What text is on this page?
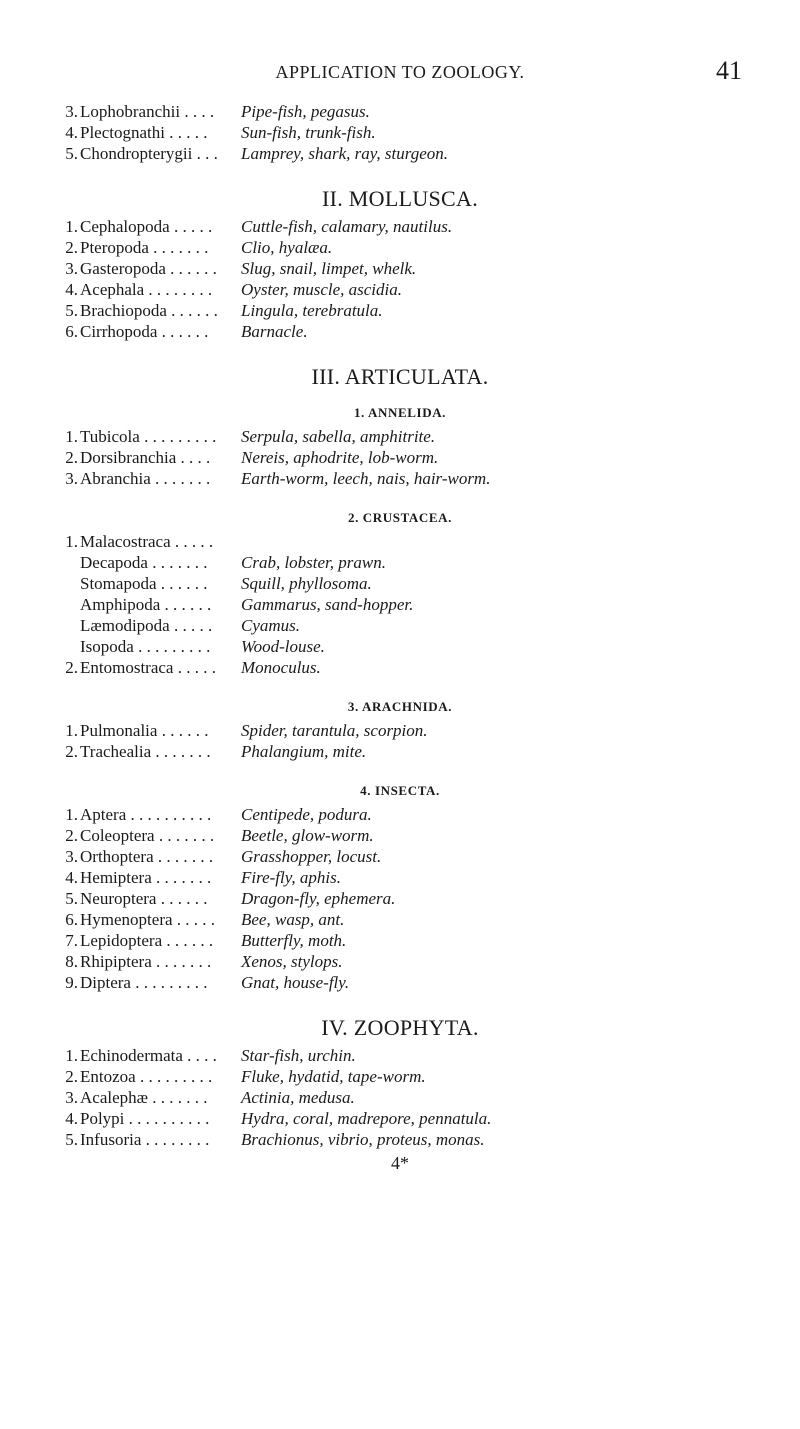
APPLICATION TO ZOOLOGY.	41
3. Lophobranchii . . . . Pipe-fish, pegasus.
4. Plectognathi . . . . . Sun-fish, trunk-fish.
5. Chondropterygii . . . Lamprey, shark, ray, sturgeon.
II. MOLLUSCA.
1. Cephalopoda . . . . . Cuttle-fish, calamary, nautilus.
2. Pteropoda . . . . . . . Clio, hyalæa.
3. Gasteropoda . . . . . . Slug, snail, limpet, whelk.
4. Acephala . . . . . . . . Oyster, muscle, ascidia.
5. Brachiopoda . . . . . . Lingula, terebratula.
6. Cirrhopoda . . . . . . Barnacle.
III. ARTICULATA.
1. ANNELIDA.
1. Tubicola . . . . . . . . . Serpula, sabella, amphitrite.
2. Dorsibranchia . . . . Nereis, aphodrite, lob-worm.
3. Abranchia . . . . . . . Earth-worm, leech, nais, hair-worm.
2. CRUSTACEA.
1. Malacostraca . . . . .
Decapoda . . . . . . . Crab, lobster, prawn.
Stomapoda . . . . . . Squill, phyllosoma.
Amphipoda . . . . . . Gammarus, sand-hopper.
Læmodipoda . . . . . Cyamus.
Isopoda . . . . . . . . . Wood-louse.
2. Entomostraca . . . . . Monoculus.
3. ARACHNIDA.
1. Pulmonalia . . . . . . Spider, tarantula, scorpion.
2. Trachealia . . . . . . . Phalangium, mite.
4. INSECTA.
1. Aptera . . . . . . . . . . Centipede, podura.
2. Coleoptera . . . . . . . Beetle, glow-worm.
3. Orthoptera . . . . . . . Grasshopper, locust.
4. Hemiptera . . . . . . . Fire-fly, aphis.
5. Neuroptera . . . . . . Dragon-fly, ephemera.
6. Hymenoptera . . . . . Bee, wasp, ant.
7. Lepidoptera . . . . . . Butterfly, moth.
8. Rhipiptera . . . . . . . Xenos, stylops.
9. Diptera . . . . . . . . . Gnat, house-fly.
IV. ZOOPHYTA.
1. Echinodermata . . . . Star-fish, urchin.
2. Entozoa . . . . . . . . . Fluke, hydatid, tape-worm.
3. Acalephæ . . . . . . . Actinia, medusa.
4. Polypi . . . . . . . . . . Hydra, coral, madrepore, pennatula.
5. Infusoria . . . . . . . . Brachionus, vibrio, proteus, monas.
4*
